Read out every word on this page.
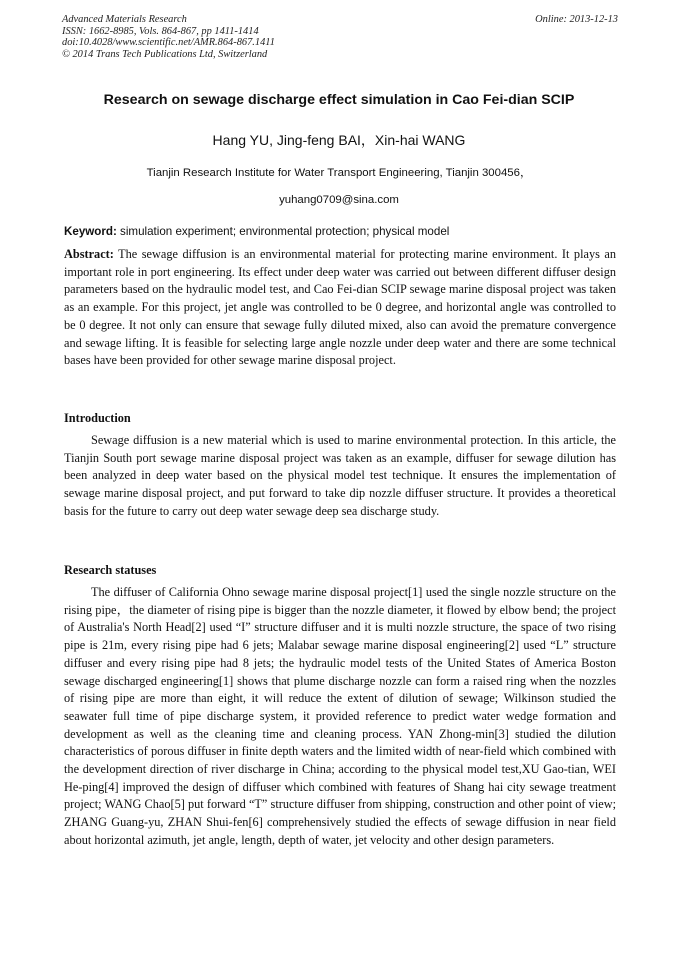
Advanced Materials Research
ISSN: 1662-8985, Vols. 864-867, pp 1411-1414
doi:10.4028/www.scientific.net/AMR.864-867.1411
© 2014 Trans Tech Publications Ltd, Switzerland
Online: 2013-12-13
Research on sewage discharge effect simulation in Cao Fei-dian SCIP
Hang YU, Jing-feng BAI，Xin-hai WANG
Tianjin Research Institute for Water Transport Engineering, Tianjin 300456，
yuhang0709@sina.com
Keyword: simulation experiment; environmental protection; physical model
Abstract: The sewage diffusion is an environmental material for protecting marine environment. It plays an important role in port engineering. Its effect under deep water was carried out between different diffuser design parameters based on the hydraulic model test, and Cao Fei-dian SCIP sewage marine disposal project was taken as an example. For this project, jet angle was controlled to be 0 degree, and horizontal angle was controlled to be 0 degree. It not only can ensure that sewage fully diluted mixed, also can avoid the premature convergence and sewage lifting. It is feasible for selecting large angle nozzle under deep water and there are some technical bases have been provided for other sewage marine disposal project.
Introduction
Sewage diffusion is a new material which is used to marine environmental protection. In this article, the Tianjin South port sewage marine disposal project was taken as an example, diffuser for sewage dilution has been analyzed in deep water based on the physical model test technique. It ensures the implementation of sewage marine disposal project, and put forward to take dip nozzle diffuser structure. It provides a theoretical basis for the future to carry out deep water sewage deep sea discharge study.
Research statuses
The diffuser of California Ohno sewage marine disposal project[1] used the single nozzle structure on the rising pipe，the diameter of rising pipe is bigger than the nozzle diameter, it flowed by elbow bend; the project of Australia's North Head[2] used “I” structure diffuser and it is multi nozzle structure, the space of two rising pipe is 21m, every rising pipe had 6 jets; Malabar sewage marine disposal engineering[2] used “L” structure diffuser and every rising pipe had 8 jets; the hydraulic model tests of the United States of America Boston sewage discharged engineering[1] shows that plume discharge nozzle can form a raised ring when the nozzles of rising pipe are more than eight, it will reduce the extent of dilution of sewage; Wilkinson studied the seawater full time of pipe discharge system, it provided reference to predict water wedge formation and development as well as the cleaning time and cleaning process. YAN Zhong-min[3] studied the dilution characteristics of porous diffuser in finite depth waters and the limited width of near-field which combined with the development direction of river discharge in China; according to the physical model test,XU Gao-tian, WEI He-ping[4] improved the design of diffuser which combined with features of Shang hai city sewage treatment project; WANG Chao[5] put forward “T” structure diffuser from shipping, construction and other point of view; ZHANG Guang-yu, ZHAN Shui-fen[6] comprehensively studied the effects of sewage diffusion in near field about horizontal azimuth, jet angle, length, depth of water, jet velocity and other design parameters.
